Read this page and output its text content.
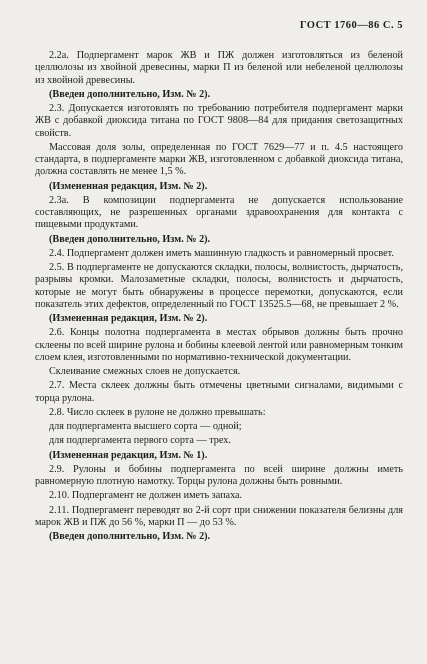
ГОСТ 1760—86 С. 5

2.2а. Подпергамент марок ЖВ и ПЖ должен изготовляться из беленой целлюлозы из хвойной древесины, марки П из беленой или небеленой целлюлозы из хвойной древесины.

(Введен дополнительно, Изм. № 2).

2.3. Допускается изготовлять по требованию потребителя подпергамент марки ЖВ с добавкой диоксида титана по ГОСТ 9808—84 для придания светозащитных свойств.

Массовая доля золы, определенная по ГОСТ 7629—77 и п. 4.5 настоящего стандарта, в подпергаменте марки ЖВ, изготовленном с добавкой диоксида титана, должна составлять не менее 1,5 %.

(Измененная редакция, Изм. № 2).

2.3а. В композиции подпергамента не допускается использование составляющих, не разрешенных органами здравоохранения для контакта с пищевыми продуктами.

(Введен дополнительно, Изм. № 2).

2.4. Подпергамент должен иметь машинную гладкость и равномерный просвет.

2.5. В подпергаменте не допускаются складки, полосы, волнистость, дырчатость, разрывы кромки. Малозаметные складки, полосы, волнистость и дырчатость, которые не могут быть обнаружены в процессе перемотки, допускаются, если показатель этих дефектов, определенный по ГОСТ 13525.5—68, не превышает 2 %.

(Измененная редакция, Изм. № 2).

2.6. Концы полотна подпергамента в местах обрывов должны быть прочно склеены по всей ширине рулона и бобины клеевой лентой или равномерным тонким слоем клея, изготовленными по нормативно-технической документации.

Склеивание смежных слоев не допускается.

2.7. Места склеек должны быть отмечены цветными сигналами, видимыми с торца рулона.

2.8. Число склеек в рулоне не должно превышать:

для подпергамента высшего сорта — одной;

для подпергамента первого сорта — трех.

(Измененная редакция, Изм. № 1).

2.9. Рулоны и бобины подпергамента по всей ширине должны иметь равномерную плотную намотку. Торцы рулона должны быть ровными.

2.10. Подпергамент не должен иметь запаха.

2.11. Подпергамент переводят во 2-й сорт при снижении показателя белизны для марок ЖВ и ПЖ до 56 %, марки П — до 53 %.

(Введен дополнительно, Изм. № 2).
